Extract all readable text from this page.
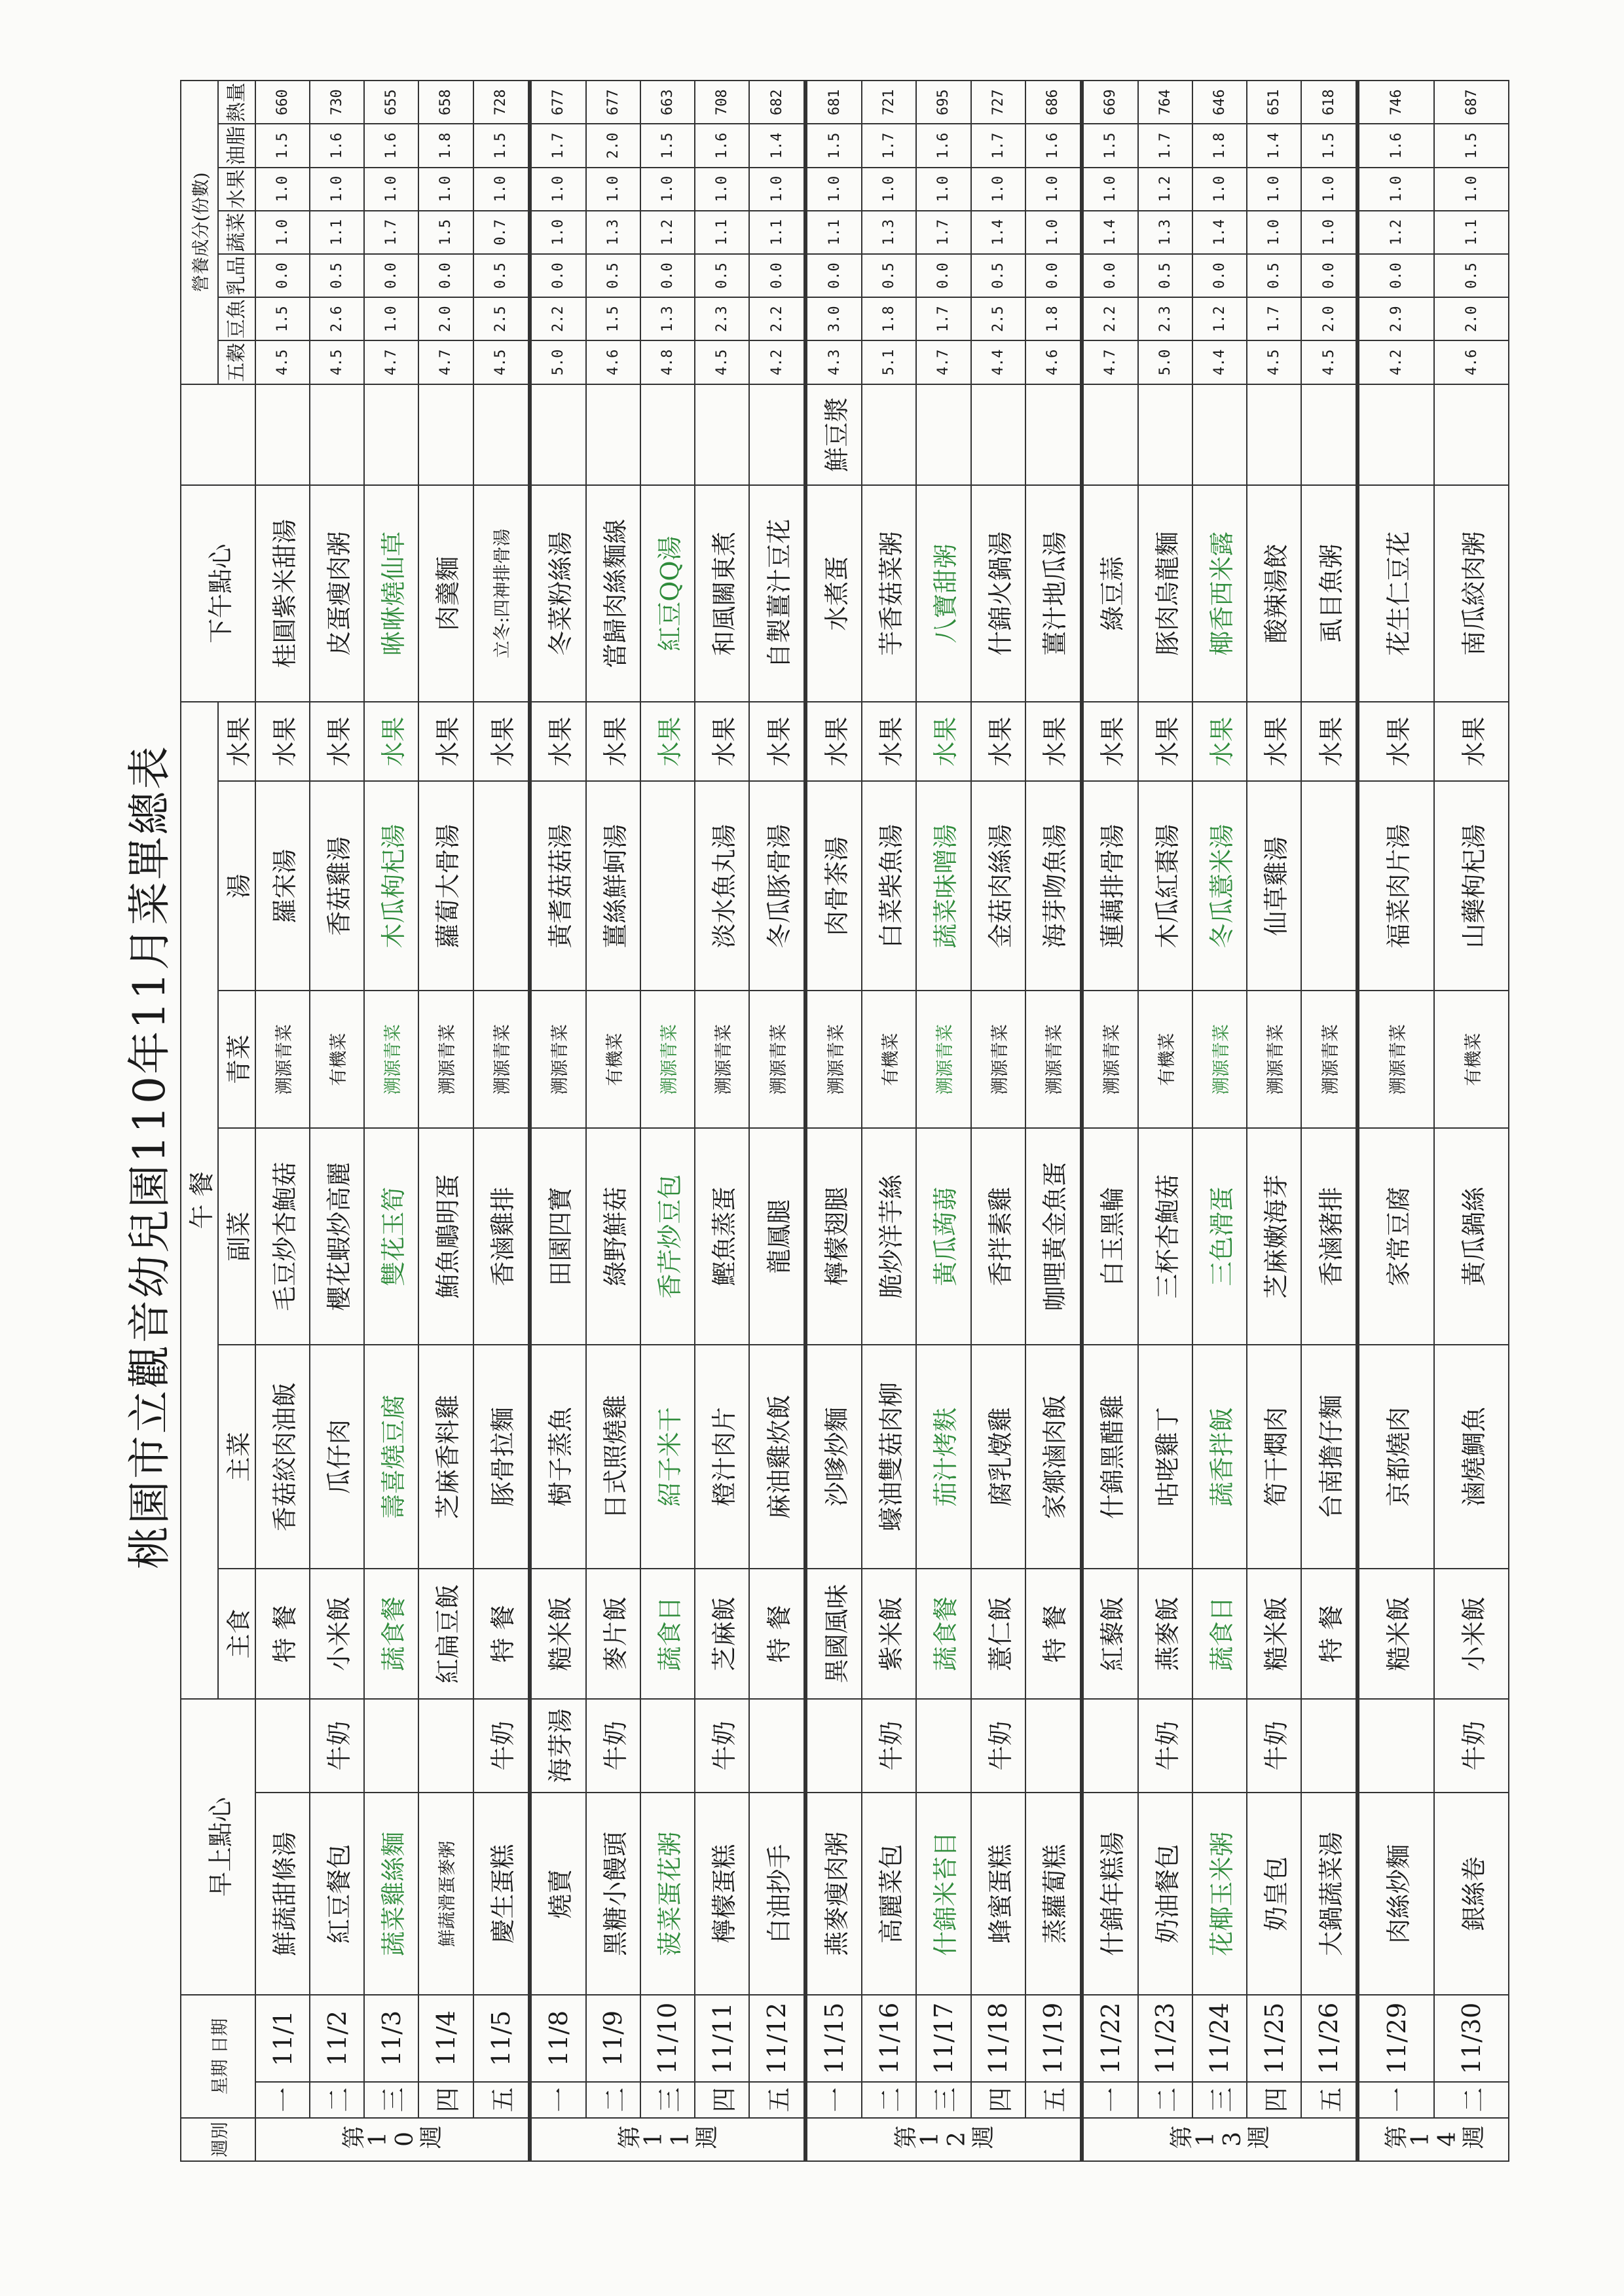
桃園市立觀音幼兒園110年11月菜單總表
週別	星期 日期		早上點心		午 餐						下午點心		營養成分(份數)						
					主食	主菜	副菜	青菜	湯	水果			五穀	豆魚	乳品	蔬菜	水果	油脂	熱量

第10週	一	11/1	鮮蔬甜條湯		特 餐	香菇絞肉油飯	毛豆炒杏鮑菇	溯源青菜	羅宋湯	水果	桂圓紫米甜湯		4.5	1.5	0.0	1.0	1.0	1.5	660
	二	11/2	紅豆餐包	牛奶	小米飯	瓜仔肉	櫻花蝦炒高麗	有機菜	香菇雞湯	水果	皮蛋瘦肉粥		4.5	2.6	0.5	1.1	1.0	1.6	730
	三	11/3	蔬菜雞絲麵		蔬食餐	壽喜燒豆腐	雙花玉筍	溯源青菜	木瓜枸杞湯	水果	咻咻燒仙草		4.7	1.0	0.0	1.7	1.0	1.6	655
	四	11/4	鮮蔬滑蛋麥粥		紅扁豆飯	芝麻香料雞	鮪魚鵰明蛋	溯源青菜	蘿蔔大骨湯	水果	肉羹麵		4.7	2.0	0.0	1.5	1.0	1.8	658
	五	11/5	慶生蛋糕	牛奶	特 餐	豚骨拉麵	香滷雞排	溯源青菜		水果	立冬:四神排骨湯		4.5	2.5	0.5	0.7	1.0	1.5	728

第11週	一	11/8	燒賣	海芽湯	糙米飯	樹子蒸魚	田園四寶	溯源青菜	黃耆菇菇湯	水果	冬菜粉絲湯		5.0	2.2	0.0	1.0	1.0	1.7	677
	二	11/9	黑糖小饅頭	牛奶	麥片飯	日式照燒雞	綠野鮮菇	有機菜	薑絲鮮蚵湯	水果	當歸肉絲麵線		4.6	1.5	0.5	1.3	1.0	2.0	677
	三	11/10	菠菜蛋花粥		蔬食日	紹子米干	香芹炒豆包	溯源青菜		水果	紅豆QQ湯		4.8	1.3	0.0	1.2	1.0	1.5	663
	四	11/11	檸檬蛋糕	牛奶	芝麻飯	橙汁肉片	鰹魚蒸蛋	溯源青菜	淡水魚丸湯	水果	和風關東煮		4.5	2.3	0.5	1.1	1.0	1.6	708
	五	11/12	白油抄手		特 餐	麻油雞炊飯	龍鳳腿	溯源青菜	冬瓜豚骨湯	水果	自製薑汁豆花		4.2	2.2	0.0	1.1	1.0	1.4	682

第12週	一	11/15	燕麥瘦肉粥		異國風味	沙嗲炒麵	檸檬翅腿	溯源青菜	肉骨茶湯	水果	水煮蛋	鮮豆漿	4.3	3.0	0.0	1.1	1.0	1.5	681
	二	11/16	高麗菜包	牛奶	紫米飯	蠔油雙菇肉柳	脆炒洋芋絲	有機菜	白菜柴魚湯	水果	芋香菇菜粥		5.1	1.8	0.5	1.3	1.0	1.7	721
	三	11/17	什錦米苔目		蔬食餐	茄汁烤麩	黃瓜蒟蒻	溯源青菜	蔬菜味噌湯	水果	八寶甜粥		4.7	1.7	0.0	1.7	1.0	1.6	695
	四	11/18	蜂蜜蛋糕	牛奶	薏仁飯	腐乳燉雞	香拌素雞	溯源青菜	金菇肉絲湯	水果	什錦火鍋湯		4.4	2.5	0.5	1.4	1.0	1.7	727
	五	11/19	蒸蘿蔔糕		特 餐	家鄉滷肉飯	咖哩黃金魚蛋	溯源青菜	海芽吻魚湯	水果	薑汁地瓜湯		4.6	1.8	0.0	1.0	1.0	1.6	686

第13週	一	11/22	什錦年糕湯		紅藜飯	什錦黑醋雞	白玉黑輪	溯源青菜	蓮藕排骨湯	水果	綠豆蒜		4.7	2.2	0.0	1.4	1.0	1.5	669
	二	11/23	奶油餐包	牛奶	燕麥飯	咕咾雞丁	三杯杏鮑菇	有機菜	木瓜紅棗湯	水果	豚肉烏龍麵		5.0	2.3	0.5	1.3	1.2	1.7	764
	三	11/24	花椰玉米粥		蔬食日	蔬香拌飯	三色滑蛋	溯源青菜	冬瓜薏米湯	水果	椰香西米露		4.4	1.2	0.0	1.4	1.0	1.8	646
	四	11/25	奶皇包	牛奶	糙米飯	筍干燜肉	芝麻嫩海芽	溯源青菜	仙草雞湯	水果	酸辣湯餃		4.5	1.7	0.5	1.0	1.0	1.4	651
	五	11/26	大鍋蔬菜湯		特 餐	台南擔仔麵	香滷豬排	溯源青菜		水果	虱目魚粥		4.5	2.0	0.0	1.0	1.0	1.5	618

第14週	一	11/29	肉絲炒麵		糙米飯	京都燒肉	家常豆腐	溯源青菜	福菜肉片湯	水果	花生仁豆花		4.2	2.9	0.0	1.2	1.0	1.6	746
	二	11/30	銀絲卷	牛奶	小米飯	滷燒鯛魚	黃瓜鍋絲	有機菜	山藥枸杞湯	水果	南瓜絞肉粥		4.6	2.0	0.5	1.1	1.0	1.5	687
